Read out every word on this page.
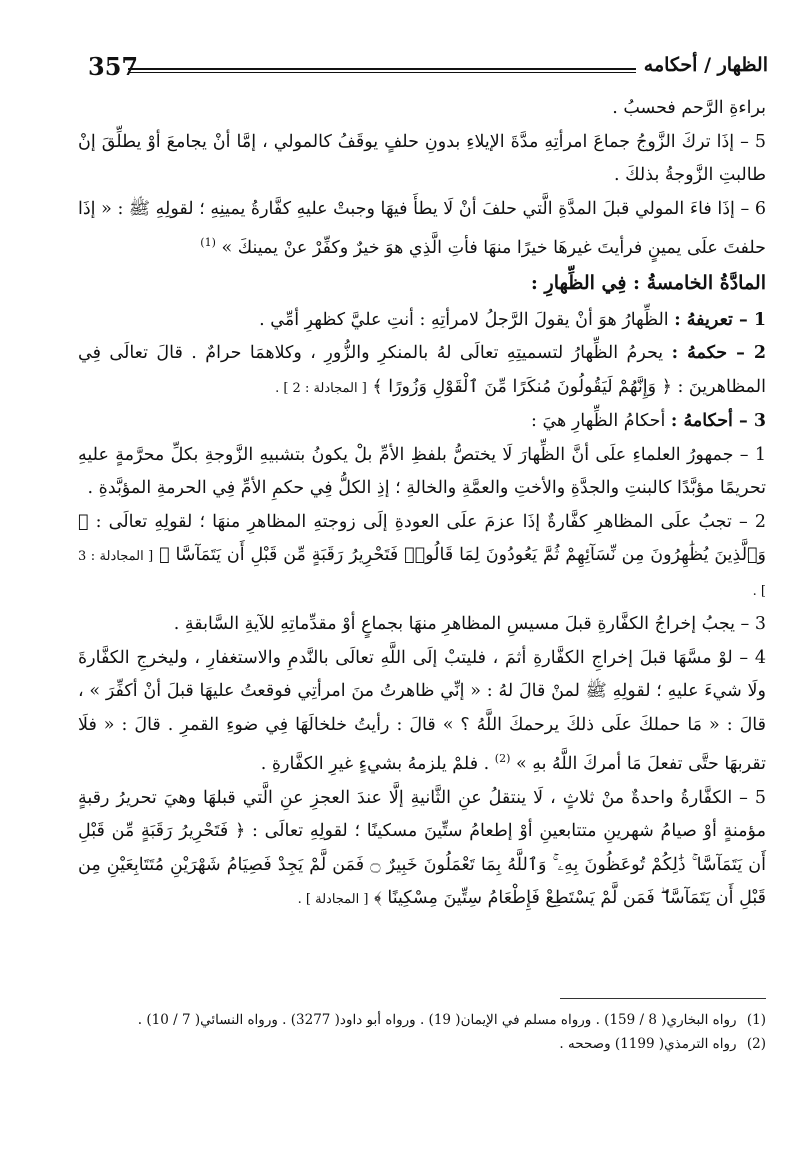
357	الظهار / أحكامه

براءةِ الرَّحم فحسبُ .

5 – إذَا تركَ الزَّوجُ جماعَ امرأتِهِ مدَّةَ الإيلاءِ بدونِ حلفٍ يوقَفُ كالمولي ، إمَّا أنْ يجامعَ أوْ يطلِّقَ إنْ طالبتِ الزَّوجةُ بذلكَ .

6 – إذَا فاءَ المولي قبلَ المدَّةِ الَّتي حلفَ أنْ لَا يطأَ فيهَا وجبتْ عليهِ كفَّارةُ يمينِهِ ؛ لقولِهِ ﷺ : « إذَا حلفتَ علَى يمينٍ فرأيتَ غيرهَا خيرًا منهَا فأتِ الَّذِي هوَ خيرٌ وكفِّرْ عنْ يمينكَ » $^{(1)}$

المادَّةُ الخامسةُ : فِي الظِّهارِ :

1 – تعريفهُ : الظِّهارُ هوَ أنْ يقولَ الرَّجلُ لامرأتِهِ : أنتِ عليَّ كظهرِ أمِّي .

2 – حكمهُ : يحرمُ الظِّهارُ لتسميتِهِ تعالَى لهُ بالمنكرِ والزُّورِ ، وكلاهمَا حرامٌ . قالَ تعالَى فِي المظاهرينَ : ﴿ وَإِنَّهُمْ لَيَقُولُونَ مُنكَرًا مِّنَ ٱلْقَوْلِ وَزُورًا ﴾ [ المجادلة : 2 ] .

3 – أحكامهُ : أحكامُ الظِّهارِ هيَ :

1 – جمهورُ العلماءِ علَى أنَّ الظِّهارَ لَا يختصُّ بلفظِ الأمِّ بلْ يكونُ بتشبيهِ الزَّوجةِ بكلِّ محرَّمةٍ عليهِ تحريمًا مؤبَّدًا كالبنتِ والجدَّةِ والأختِ والعمَّةِ والخالةِ ؛ إذِ الكلُّ فِي حكمِ الأمِّ فِي الحرمةِ المؤبَّدةِ .

2 – تجبُ علَى المظاهرِ كفَّارةٌ إذَا عزمَ علَى العودةِ إلَى زوجتهِ المظاهرِ منهَا ؛ لقولِهِ تعالَى : ﴿ وَٱلَّذِينَ يُظَٰهِرُونَ مِن نِّسَآئِهِمْ ثُمَّ يَعُودُونَ لِمَا قَالُوا۟ فَتَحْرِيرُ رَقَبَةٍ مِّن قَبْلِ أَن يَتَمَآسَّا ﴾ [ المجادلة : 3 ] .

3 – يجبُ إخراجُ الكفَّارةِ قبلَ مسيسِ المظاهرِ منهَا بجماعٍ أوْ مقدِّماتِهِ للآيةِ السَّابقةِ .

4 – لوْ مسَّهَا قبلَ إخراجِ الكفَّارةِ أثمَ ، فليتبْ إلَى اللَّهِ تعالَى بالنَّدمِ والاستغفارِ ، وليخرجِ الكفَّارةَ ولَا شيءَ عليهِ ؛ لقولِهِ ﷺ لمنْ قالَ لهُ : « إنِّي ظاهرتُ منَ امرأتِي فوقعتُ عليهَا قبلَ أنْ أكفِّرَ » ، قالَ : « مَا حملكَ علَى ذلكَ يرحمكَ اللَّهُ ؟ » قالَ : رأيتُ خلخالَهَا فِي ضوءِ القمرِ . قالَ : « فلَا تقربهَا حتَّى تفعلَ مَا أمركَ اللَّهُ بهِ » $^{(2)}$ . فلمْ يلزمهُ بشيءٍ غيرِ الكفَّارةِ .

5 – الكفَّارةُ واحدةٌ منْ ثلاثٍ ، لَا ينتقلُ عنِ الثَّانيةِ إلَّا عندَ العجزِ عنِ الَّتي قبلهَا وهيَ تحريرُ رقبةٍ مؤمنةٍ أوْ صيامُ شهرينِ متتابعينِ أوْ إطعامُ ستِّينَ مسكينًا ؛ لقولِهِ تعالَى : ﴿ فَتَحْرِيرُ رَقَبَةٍ مِّن قَبْلِ أَن يَتَمَآسَّا ۚ ذَٰلِكُمْ تُوعَظُونَ بِهِۦ ۚ وَٱللَّهُ بِمَا تَعْمَلُونَ خَبِيرٌ ۝ فَمَن لَّمْ يَجِدْ فَصِيَامُ شَهْرَيْنِ مُتَتَابِعَيْنِ مِن قَبْلِ أَن يَتَمَآسَّا ۖ فَمَن لَّمْ يَسْتَطِعْ فَإِطْعَامُ سِتِّينَ مِسْكِينًا ﴾ [ المجادلة ] .

(1) رواه البخاري( 8 / 159) . ورواه مسلم في الإيمان( 19) . ورواه أبو داود( 3277) . ورواه النسائي( 7 / 10) .

(2) رواه الترمذي( 1199) وصححه .
